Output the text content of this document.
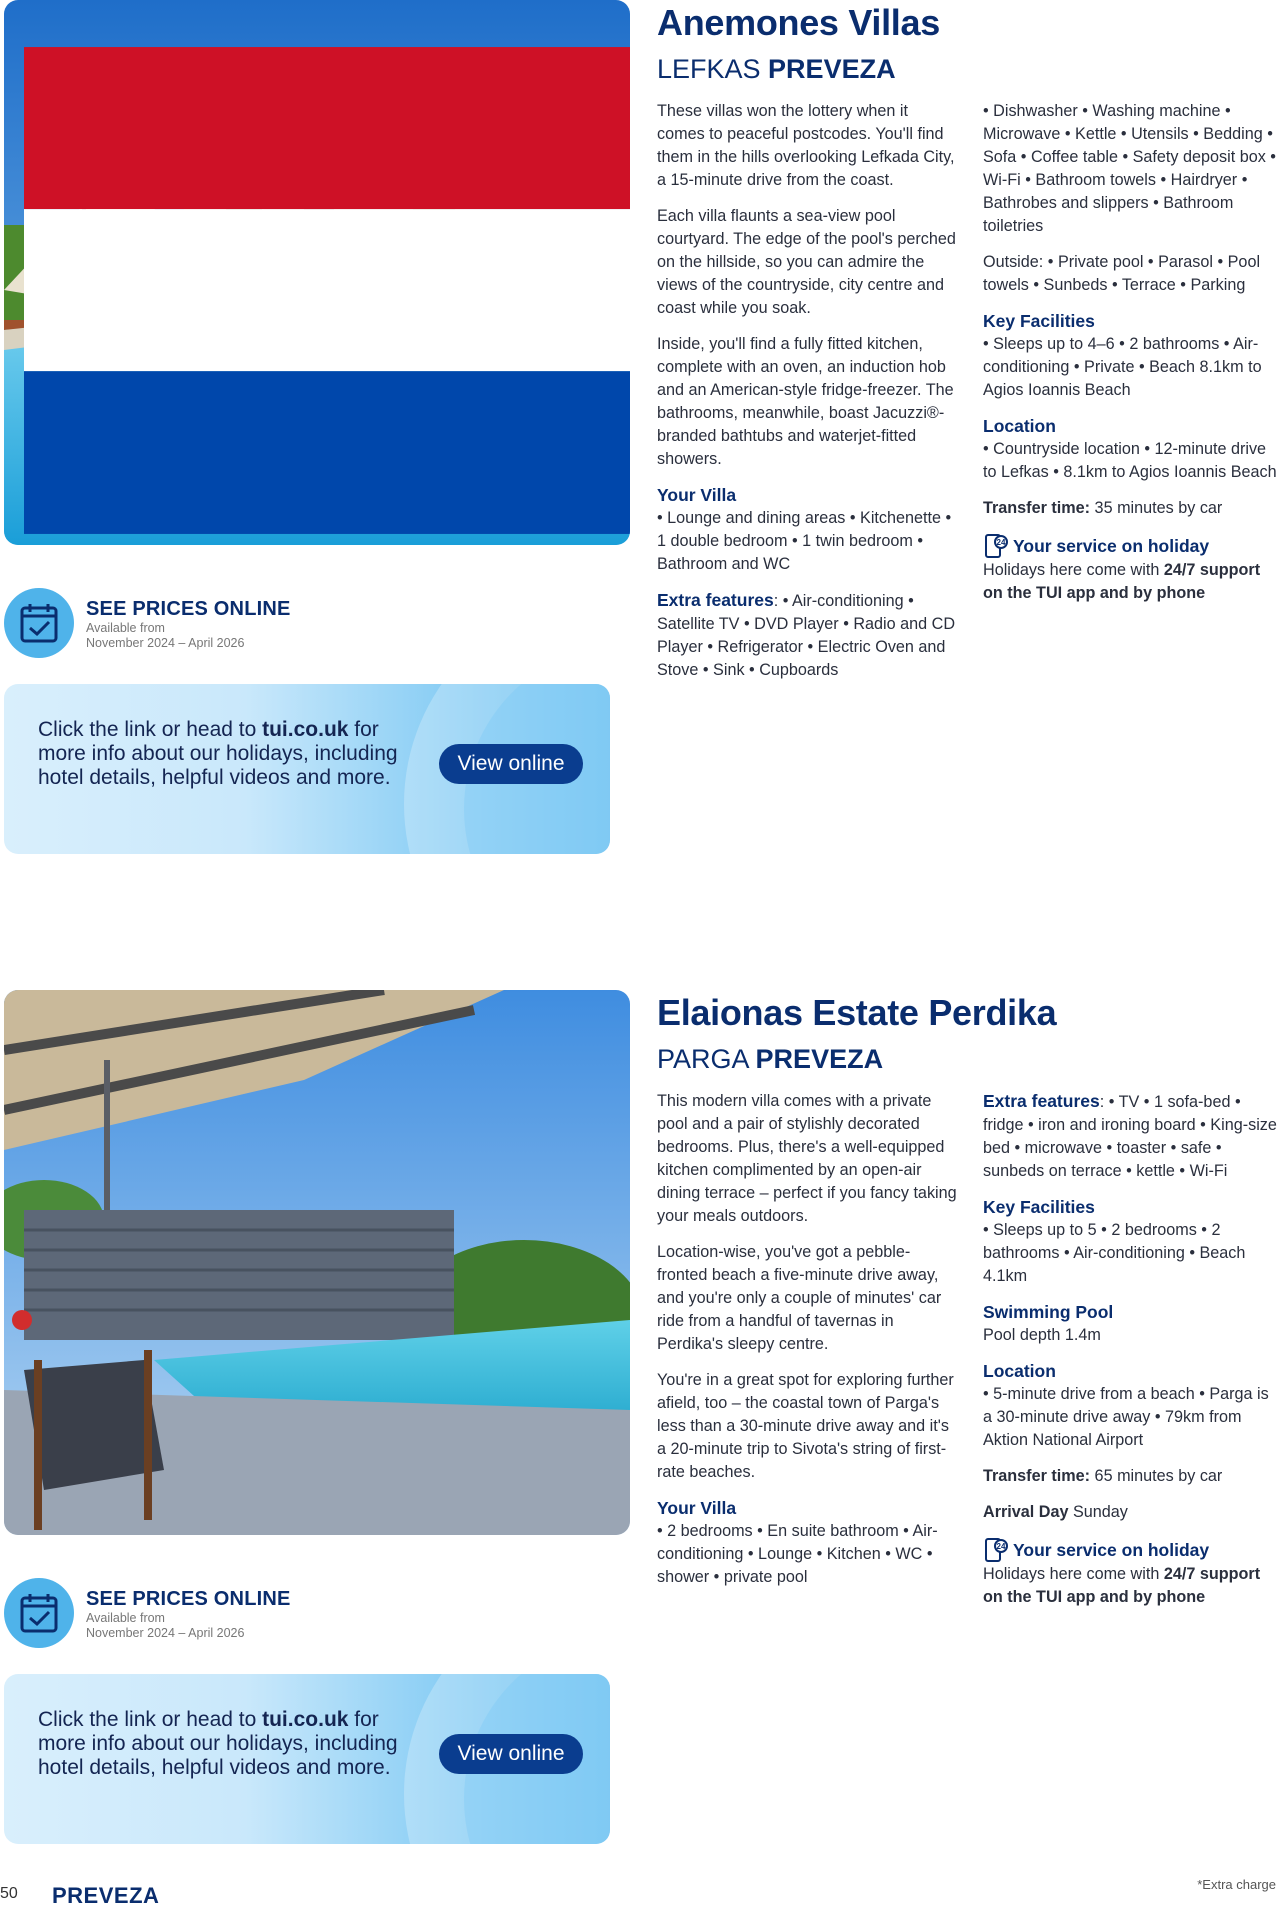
SEE PRICES ONLINE
Available from
November 2024 – April 2026
Click the link or head to tui.co.uk for more info about our holidays, including hotel details, helpful videos and more.
View online
Anemones Villas
LEFKAS PREVEZA

These villas won the lottery when it comes to peaceful postcodes. You'll find them in the hills overlooking Lefkada City, a 15-minute drive from the coast.

Each villa flaunts a sea-view pool courtyard. The edge of the pool's perched on the hillside, so you can admire the views of the countryside, city centre and coast while you soak.

Inside, you'll find a fully fitted kitchen, complete with an oven, an induction hob and an American-style fridge-freezer. The bathrooms, meanwhile, boast Jacuzzi®-branded bathtubs and waterjet-fitted showers.

Your Villa
• Lounge and dining areas • Kitchenette • 1 double bedroom • 1 twin bedroom • Bathroom and WC
Extra features: • Air-conditioning • Satellite TV • DVD Player • Radio and CD Player • Refrigerator • Electric Oven and Stove • Sink • Cupboards

• Dishwasher • Washing machine • Microwave • Kettle • Utensils • Bedding • Sofa • Coffee table • Safety deposit box • Wi-Fi • Bathroom towels • Hairdryer • Bathrobes and slippers • Bathroom toiletries

Outside: • Private pool • Parasol • Pool towels • Sunbeds • Terrace • Parking

Key Facilities
• Sleeps up to 4–6 • 2 bathrooms • Air-conditioning • Private • Beach 8.1km to Agios Ioannis Beach
Location
• Countryside location • 12-minute drive to Lefkas • 8.1km to Agios Ioannis Beach
Transfer time: 35 minutes by car
24 Your service on holiday
Holidays here come with 24/7 support on the TUI app and by phone
SEE PRICES ONLINE
Available from
November 2024 – April 2026
Click the link or head to tui.co.uk for more info about our holidays, including hotel details, helpful videos and more.
View online
Elaionas Estate Perdika
PARGA PREVEZA

This modern villa comes with a private pool and a pair of stylishly decorated bedrooms. Plus, there's a well-equipped kitchen complimented by an open-air dining terrace – perfect if you fancy taking your meals outdoors.

Location-wise, you've got a pebble-fronted beach a five-minute drive away, and you're only a couple of minutes' car ride from a handful of tavernas in Perdika's sleepy centre.

You're in a great spot for exploring further afield, too – the coastal town of Parga's less than a 30-minute drive away and it's a 20-minute trip to Sivota's string of first-rate beaches.

Your Villa
• 2 bedrooms • En suite bathroom • Air-conditioning • Lounge • Kitchen • WC • shower • private pool
Extra features: • TV • 1 sofa-bed • fridge • iron and ironing board • King-size bed • microwave • toaster • safe • sunbeds on terrace • kettle • Wi-Fi
Key Facilities
• Sleeps up to 5 • 2 bedrooms • 2 bathrooms • Air-conditioning • Beach 4.1km
Swimming Pool
Pool depth 1.4m
Location
• 5-minute drive from a beach • Parga is a 30-minute drive away • 79km from Aktion National Airport
Transfer time: 65 minutes by car
Arrival Day Sunday
24 Your service on holiday
Holidays here come with 24/7 support on the TUI app and by phone
50 PREVEZA	*Extra charge
